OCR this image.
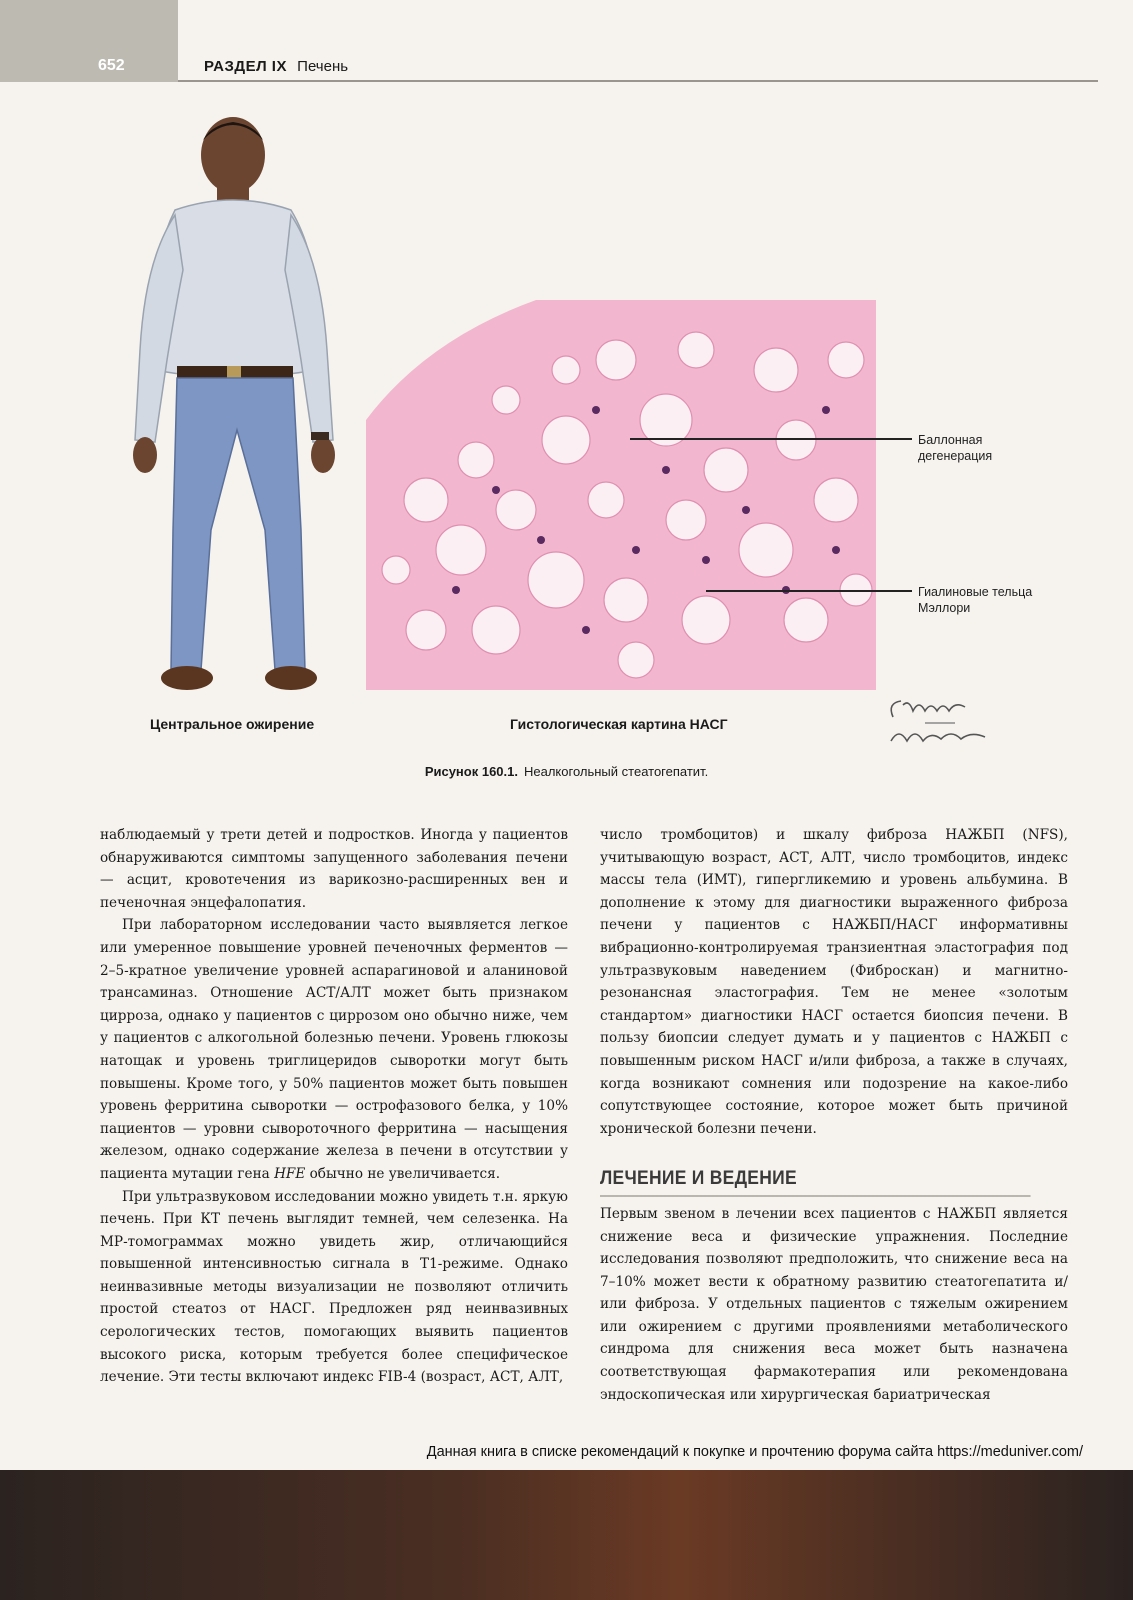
652	РАЗДЕЛ IX Печень
Баллонная
дегенерация
Гиалиновые тельца
Мэллори
Центральное ожирение	Гистологическая картина НАСГ
Рисунок 160.1. Неалкогольный стеатогепатит.

наблюдаемый у трети детей и подростков. Иногда у пациентов обнаруживаются симптомы запущенного заболевания печени — асцит, кровотечения из варикозно-расширенных вен и печеночная энцефалопатия.

При лабораторном исследовании часто выявляется легкое или умеренное повышение уровней печеночных ферментов — 2–5-кратное увеличение уровней аспарагиновой и аланиновой трансаминаз. Отношение АСТ/АЛТ может быть признаком цирроза, однако у пациентов с циррозом оно обычно ниже, чем у пациентов с алкогольной болезнью печени. Уровень глюкозы натощак и уровень триглицеридов сыворотки могут быть повышены. Кроме того, у 50% пациентов может быть повышен уровень ферритина сыворотки — острофазового белка, у 10% пациентов — уровни сывороточного ферритина — насыщения железом, однако содержание железа в печени в отсутствии у пациента мутации гена HFE обычно не увеличивается.

При ультразвуковом исследовании можно увидеть т.н. яркую печень. При КТ печень выглядит темней, чем селезенка. На МР-томограммах можно увидеть жир, отличающийся повышенной интенсивностью сигнала в Т1-режиме. Однако неинвазивные методы визуализации не позволяют отличить простой стеатоз от НАСГ. Предложен ряд неинвазивных серологических тестов, помогающих выявить пациентов высокого риска, которым требуется более специфическое лечение. Эти тесты включают индекс FIB-4 (возраст, АСТ, АЛТ,

число тромбоцитов) и шкалу фиброза НАЖБП (NFS), учитывающую возраст, АСТ, АЛТ, число тромбоцитов, индекс массы тела (ИМТ), гипергликемию и уровень альбумина. В дополнение к этому для диагностики выраженного фиброза печени у пациентов с НАЖБП/НАСГ информативны вибрационно-контролируемая транзиентная эластография под ультразвуковым наведением (Фиброскан) и магнитно-резонансная эластография. Тем не менее «золотым стандартом» диагностики НАСГ остается биопсия печени. В пользу биопсии следует думать и у пациентов с НАЖБП с повышенным риском НАСГ и/или фиброза, а также в случаях, когда возникают сомнения или подозрение на какое-либо сопутствующее состояние, которое может быть причиной хронической болезни печени.

ЛЕЧЕНИЕ И ВЕДЕНИЕ

Первым звеном в лечении всех пациентов с НАЖБП является снижение веса и физические упражнения. Последние исследования позволяют предположить, что снижение веса на 7–10% может вести к обратному развитию стеатогепатита и/или фиброза. У отдельных пациентов с тяжелым ожирением или ожирением с другими проявлениями метаболического синдрома для снижения веса может быть назначена соответствующая фармакотерапия или рекомендована эндоскопическая или хирургическая бариатрическая

Данная книга в списке рекомендаций к покупке и прочтению форума сайта https://meduniver.com/
